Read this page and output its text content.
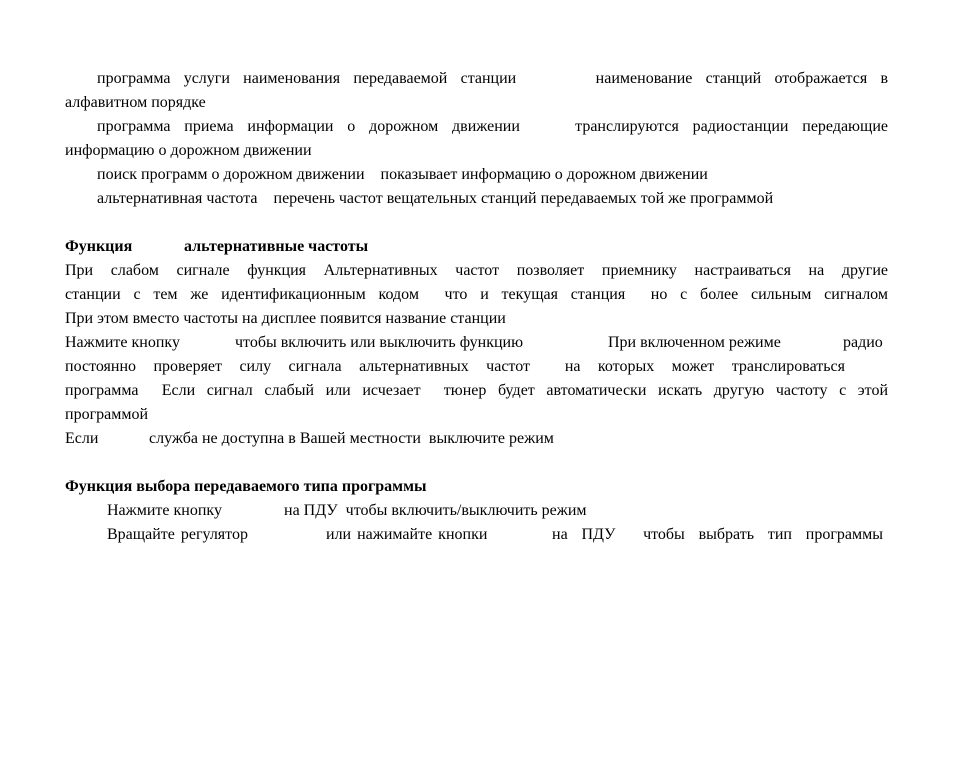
программа услуги наименования передаваемой станции      наименование станций отображается в
алфавитном порядке
программа приема информации о дорожном движении    транслируются радиостанции передающие
информацию о дорожном движении
поиск программ о дорожном движении    показывает информацию о дорожном движении
альтернативная частота    перечень частот вещательных станций передаваемых той же программой
Функция	альтернативные частоты
При слабом сигнале функция Альтернативных частот позволяет приемнику настраиваться на другие
станции с тем же идентификационным кодом  что и текущая станция  но с более сильным сигналом
При этом вместо частоты на дисплее появится название станции
Нажмите кнопку	чтобы включить или выключить функцию	При включенном режиме	радио
постоянно проверяет силу сигнала альтернативных частот  на которых может транслироваться
программа  Если сигнал слабый или исчезает  тюнер будет автоматически искать другую частоту с этой
программой
Если	служба не доступна в Вашей местности  выключите режим
Функция выбора передаваемого типа программы
Нажмите кнопку	на ПДУ  чтобы включить/выключить режим
Вращайте регулятор	или нажимайте кнопки	на ПДУ  чтобы выбрать тип программы
